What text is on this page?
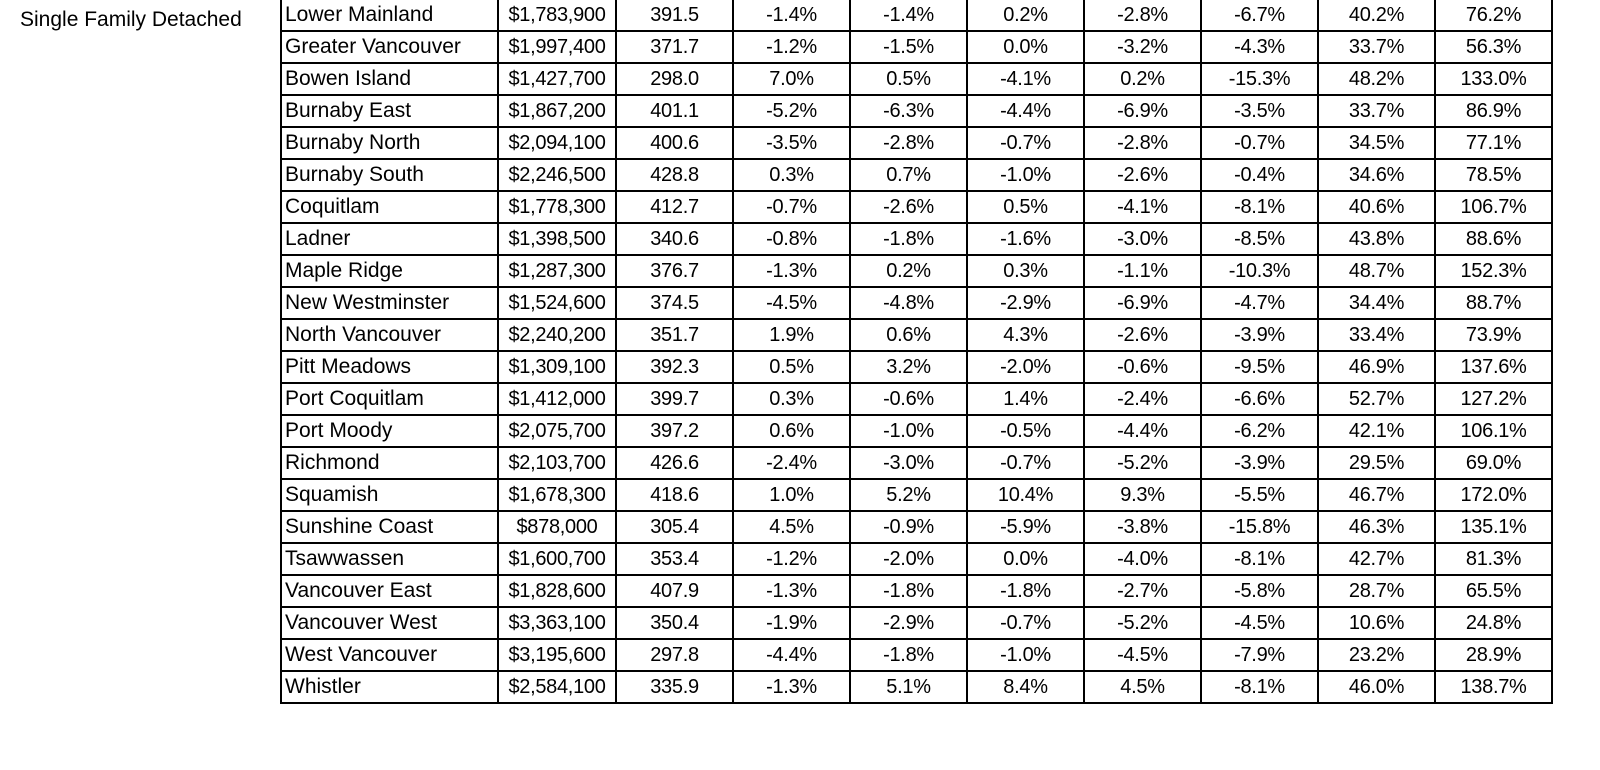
Single Family Detached Lower Mainland	$1,783,900	391.5	-1.4%	-1.4%	0.2%	-2.8%	-6.7%	40.2%	76.2%
Greater Vancouver	$1,997,400	371.7	-1.2%	-1.5%	0.0%	-3.2%	-4.3%	33.7%	56.3%
Bowen Island	$1,427,700	298.0	7.0%	0.5%	-4.1%	0.2%	-15.3%	48.2%	133.0%
Burnaby East	$1,867,200	401.1	-5.2%	-6.3%	-4.4%	-6.9%	-3.5%	33.7%	86.9%
Burnaby North	$2,094,100	400.6	-3.5%	-2.8%	-0.7%	-2.8%	-0.7%	34.5%	77.1%
Burnaby South	$2,246,500	428.8	0.3%	0.7%	-1.0%	-2.6%	-0.4%	34.6%	78.5%
Coquitlam	$1,778,300	412.7	-0.7%	-2.6%	0.5%	-4.1%	-8.1%	40.6%	106.7%
Ladner	$1,398,500	340.6	-0.8%	-1.8%	-1.6%	-3.0%	-8.5%	43.8%	88.6%
Maple Ridge	$1,287,300	376.7	-1.3%	0.2%	0.3%	-1.1%	-10.3%	48.7%	152.3%
New Westminster	$1,524,600	374.5	-4.5%	-4.8%	-2.9%	-6.9%	-4.7%	34.4%	88.7%
North Vancouver	$2,240,200	351.7	1.9%	0.6%	4.3%	-2.6%	-3.9%	33.4%	73.9%
Pitt Meadows	$1,309,100	392.3	0.5%	3.2%	-2.0%	-0.6%	-9.5%	46.9%	137.6%
Port Coquitlam	$1,412,000	399.7	0.3%	-0.6%	1.4%	-2.4%	-6.6%	52.7%	127.2%
Port Moody	$2,075,700	397.2	0.6%	-1.0%	-0.5%	-4.4%	-6.2%	42.1%	106.1%
Richmond	$2,103,700	426.6	-2.4%	-3.0%	-0.7%	-5.2%	-3.9%	29.5%	69.0%
Squamish	$1,678,300	418.6	1.0%	5.2%	10.4%	9.3%	-5.5%	46.7%	172.0%
Sunshine Coast	$878,000	305.4	4.5%	-0.9%	-5.9%	-3.8%	-15.8%	46.3%	135.1%
Tsawwassen	$1,600,700	353.4	-1.2%	-2.0%	0.0%	-4.0%	-8.1%	42.7%	81.3%
Vancouver East	$1,828,600	407.9	-1.3%	-1.8%	-1.8%	-2.7%	-5.8%	28.7%	65.5%
Vancouver West	$3,363,100	350.4	-1.9%	-2.9%	-0.7%	-5.2%	-4.5%	10.6%	24.8%
West Vancouver	$3,195,600	297.8	-4.4%	-1.8%	-1.0%	-4.5%	-7.9%	23.2%	28.9%
Whistler	$2,584,100	335.9	-1.3%	5.1%	8.4%	4.5%	-8.1%	46.0%	138.7%
